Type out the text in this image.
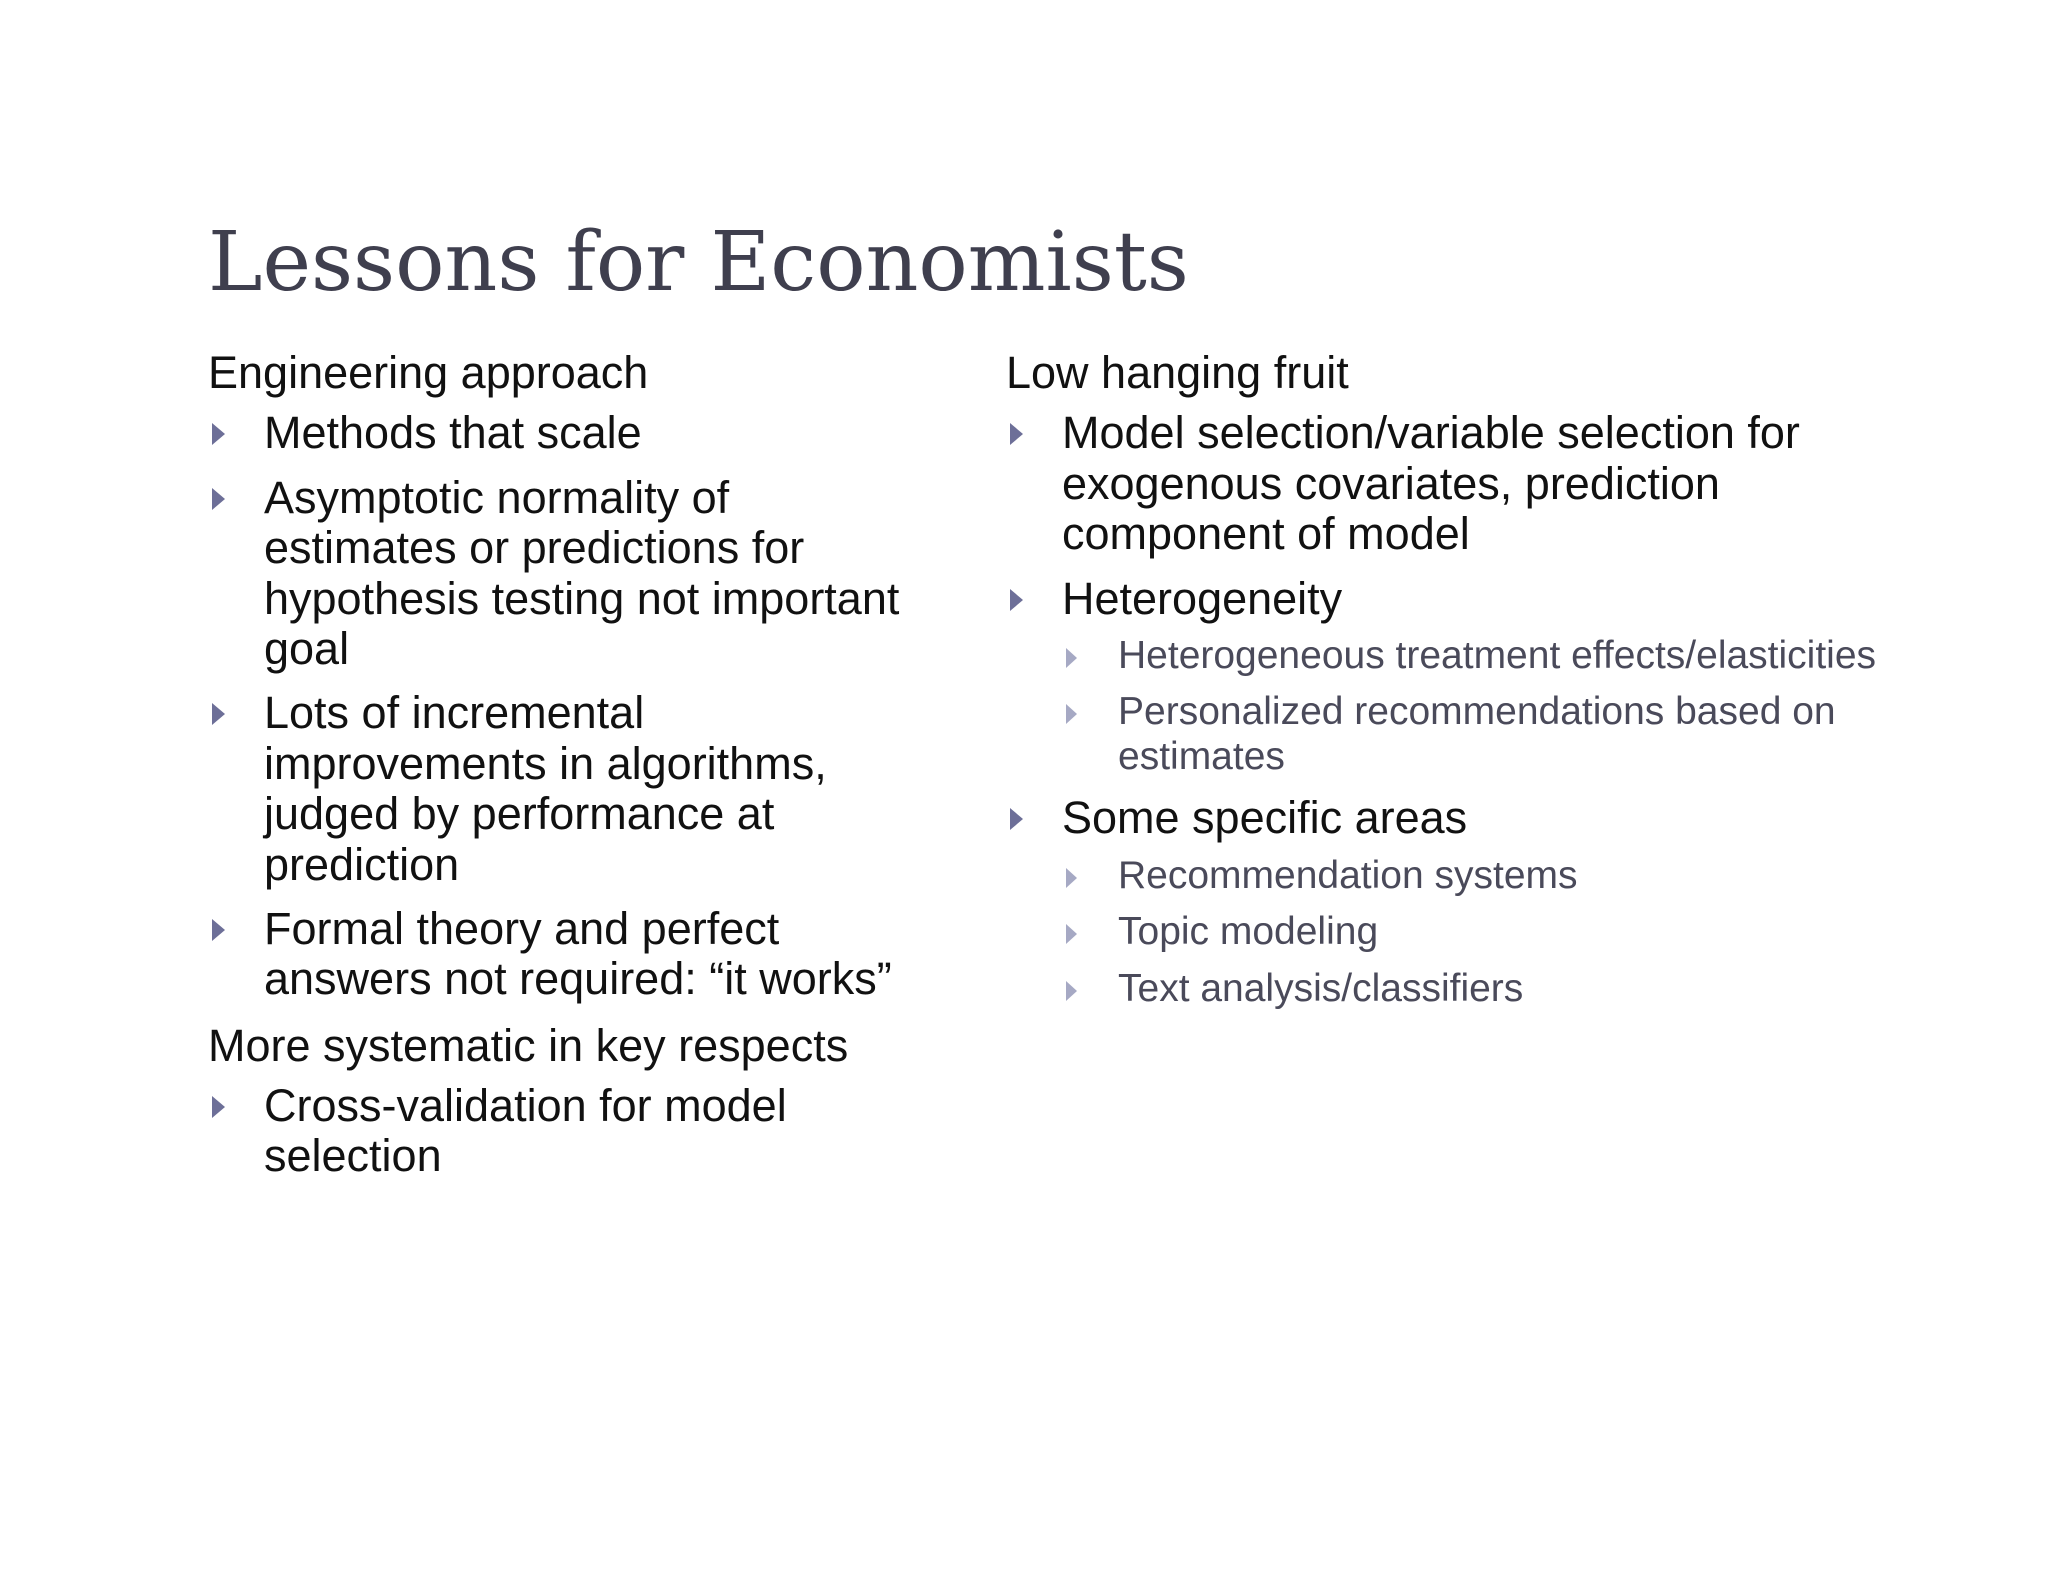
Lessons for Economists
Engineering approach
Methods that scale
Asymptotic normality of estimates or predictions for hypothesis testing not important goal
Lots of incremental improvements in algorithms, judged by performance at prediction
Formal theory and perfect answers not required: “it works”
More systematic in key respects
Cross-validation for model selection
Low hanging fruit
Model selection/variable selection for exogenous covariates, prediction component of model
Heterogeneity
Heterogeneous treatment effects/elasticities
Personalized recommendations based on estimates
Some specific areas
Recommendation systems
Topic modeling
Text analysis/classifiers
